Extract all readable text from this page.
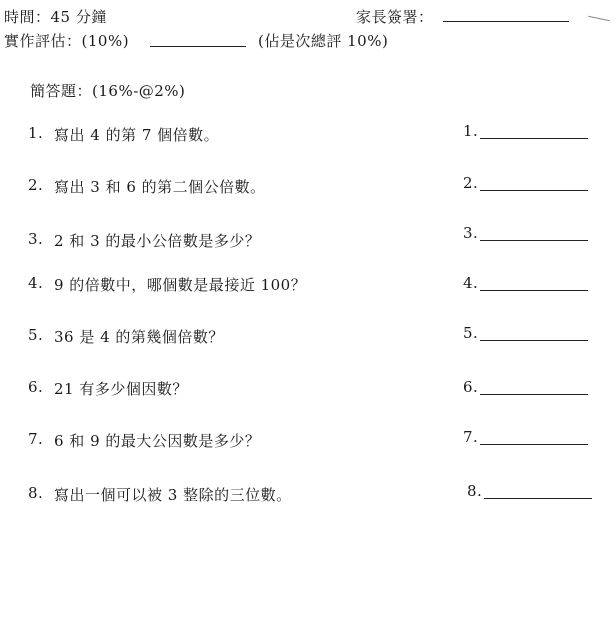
時間：45 分鐘	家長簽署：
實作評估：(10%)	(佔是次總評 10%)
簡答題：(16%-@2%)
1. 寫出 4 的第 7 個倍數。	1.
2. 寫出 3 和 6 的第二個公倍數。	2.
3. 2 和 3 的最小公倍數是多少？	3.
4. 9 的倍數中，哪個數是最接近 100？	4.
5. 36 是 4 的第幾個倍數？	5.
6. 21 有多少個因數？	6.
7. 6 和 9 的最大公因數是多少？	7.
8. 寫出一個可以被 3 整除的三位數。	8.
